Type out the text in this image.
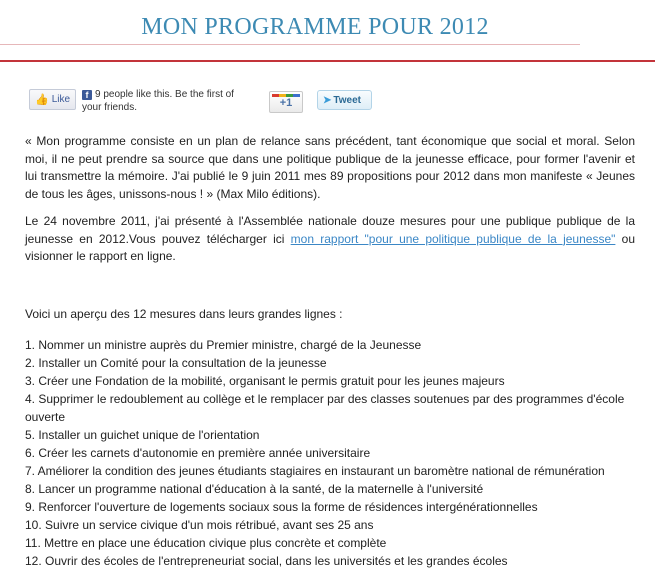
MON PROGRAMME POUR 2012
👍 Like	f 9 people like this. Be the first of
your friends.	+1	➤ Tweet

« Mon programme consiste en un plan de relance sans précédent, tant économique que social et moral. Selon moi, il ne peut prendre sa source que dans une politique publique de la jeunesse efficace, pour former l'avenir et lui transmettre la mémoire. J'ai publié le 9 juin 2011 mes 89 propositions pour 2012 dans mon manifeste « Jeunes de tous les âges, unissons-nous ! » (Max Milo éditions).

Le 24 novembre 2011, j'ai présenté à l'Assemblée nationale douze mesures pour une publique publique de la jeunesse en 2012.Vous pouvez télécharger ici mon rapport "pour une politique publique de la jeunesse" ou visionner le rapport en ligne.

Voici un aperçu des 12 mesures dans leurs grandes lignes :

1. Nommer un ministre auprès du Premier ministre, chargé de la Jeunesse
2. Installer un Comité pour la consultation de la jeunesse
3. Créer une Fondation de la mobilité, organisant le permis gratuit pour les jeunes majeurs
4. Supprimer le redoublement au collège et le remplacer par des classes soutenues par des programmes d'école ouverte
5. Installer un guichet unique de l'orientation
6. Créer les carnets d'autonomie en première année universitaire
7. Améliorer la condition des jeunes étudiants stagiaires en instaurant un baromètre national de rémunération
8. Lancer un programme national d'éducation à la santé, de la maternelle à l'université
9. Renforcer l'ouverture de logements sociaux sous la forme de résidences intergénérationnelles
10. Suivre un service civique d'un mois rétribué, avant ses 25 ans
11. Mettre en place une éducation civique plus concrète et complète
12. Ouvrir des écoles de l'entrepreneuriat social, dans les universités et les grandes écoles
